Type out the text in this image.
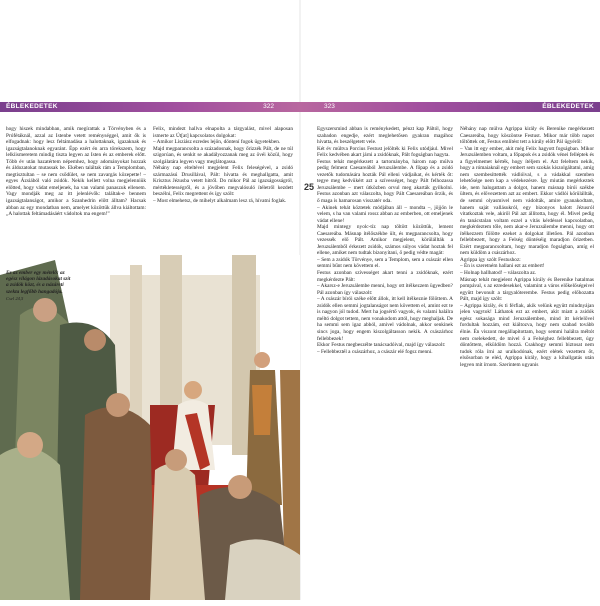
ÉBLEKEDETEK	322	323	ÉBLEKEDETEK
25

hogy hiszek mindabban, amik megírattak a Törvényben és a Prófétáknál, azzal az Istenbe vetett reménységgel, amit ők is elfogadnak: hogy lesz feltámadása a halottaknak, igazaknak és igazságtalanoknak egyaránt. Épp ezért én arra törekszem, hogy lelkiismeretem mindig tiszta legyen az Isten és az emberek előtt. Több év után hazatértem népemhez, hogy adományokat hozzak és áldozatokat mutassak be. Ekében találtak rám a Templomban, megtisztultan – se nem csődület, se nem zavargás közepette! – egyes Ázsiából való zsidók. Nekik kellett volna megjelenniük előtted, hogy vádat emeljenek, ha van valami panaszuk ellenem. Vagy mondják meg az itt jelenlévők: találtak-e bennem igazságtalanságot, amikor a Szanhedrin előtt álltam? Hacsak abban az egy mondatban nem, amelyet közöttük állva kiáltottam: „A halottak feltámadásáért vádoltok ma engem!”

Felix, mindezt hallva elnapolta a tárgyalást, mivel alaposan ismerte az Út[at] kapcsolatos dolgokat:

– Amikor Lisziász ezredes lejön, döntení fogok ügyetekben.

Majd megparancsolta a századosnak, hogy őrizzék Pált, de ne túl szigorúan, és senkit se akadályozzanak meg az övéi közül, hogy szolgálatára legyen vagy meglátogassa.

Néhány nap elteltével megjelent Felix feleségével, a zsidó származású Drusillával, Pált: hívatta és meghallgatta, amit Krisztus Jézusba vetett hitről. Do mikor Pál az igazságosságról, mértékletességről, és a jövőben megvalósuló ítéletről kezdett beszélni, Felix megrettent és így szólt:

– Most elmehetsz, de mihelyt alkalmam lesz rá, hívatni foglak.

Egyszersmind abban is reménykedett, pénzt kap Páltól, hogy szabadon engedje, ezért meglehetősen gyakran magához hívatta, és beszélgetett vele.

Két év múltva Porcius Festust jelölték ki Felix utódjául. Mivel Felix kedvében akart járni a zsidóknak, Pált fogságban hagyta.

Festus tehát megérkezett a tartományba, három nap múlva pedig felment Caesareából Jeruzsálembe. A főpap és a zsidó vezetők tudomására hozták Pál elleni vádjaikat, és kérték őt: tegye meg kedvükért azt a szívességet, hogy Pált felhozassa Jeruzsálembe – mert útközben orvul meg akarták gyilkolni. Festus azonban azt válaszolta, hogy Pált Caesareában őrzik, és ő maga is hamarosan visszatér oda.

– Akinek tehát köztetek módjában áll – mondta –, jöjjön le velem, s ha van valami rossz abban az emberben, ott emeljenek vádat ellene!

Majd mintegy nyolc-tíz nap töltött közöttük, lement Caesareába. Másnap ítélőszékbe ült, és megparancsolta, hogy vezessék elő Pált. Amikor megjelent, körülállták a Jeruzsálemből érkezett zsidók, számos súlyos vádat hoztak fel ellene, amiket nem tudtak bizonyítani, ő pedig védte magát:

– Sem a zsidók Törvénye, sem a Templom, sem a császár ellen semmi bűnt nem követtem el.

Festus azonban szívességet akart tenni a zsidóknak, ezért megkérdezte Pált:

– Akarsz-e Jeruzsálembe menni, hogy ott ítélkezzem ügyedben?

Pál azonban így válaszolt:

– A császár bírói széke előtt állok, itt kell ítélkeznie fölöttem. A zsidók ellen semmi jogtalanságot nem követtem el, amint ezt te is nagyon jól tudod. Mert ha jogsértő vagyok, és valami halálra méltó dolgot tettem, nem vonakodom attól, hogy meghaljak. De ha semmi sem igaz abból, amivel vádolnak, akkor senkinek sincs joga, hogy engem kiszolgáltasson nekik. A császárhoz fellebbezek!

Ekkor Festus megbeszélte tanácsadóival, majd így válaszolt:

– Fellebbeztél a császárhoz, a császár elé fogsz menni.

Néhány nap múlva Agrippa király és Berenike megérkezett Caesareába, hogy köszöntse Festust. Mikor már több napot töltöttek ott, Festus említést tett a király előtt Pál ügyéről:

– Van itt egy ember, akit még Felix hagyott fogságban. Mikor Jeruzsálemben voltam, a főpapok és a zsidók vénei felléptek és a figyelmemet kérték, hogy ítéljem el. Azt feleltem nekik, hogy a rómaiaknál egy embert sem szokás kiszolgáltatni, amíg nem szembesíttették vádlóival, s a vádakkal szemben lehetősége nem kap a védekezésre. Így miután megérkeztek ide, nem halogattam a dolgot, hanem másnap bírói székbe ültem, és elővezettem azt az embert. Ekkor vádlói körülállták, de semmi olyasmivel nem vádolták, amire gyanakodtam, hanem saját vallásukról, egy bizonyos halott Jézusról vitatkoztak vele, akiről Pál azt állította, hogy él. Mivel pedig én tanácstalan voltam ezzel a vitás kérdéssel kapcsolatban, megkérdeztem tőle, nem akar-e Jeruzsálembe menni, hogy ott ítélkezzem fölötte ezeket a dolgokat illetően. Pál azonban fellebbezett, hogy a Felség döntéséig maradjon őrizetben. Ezért megparancsoltam, hogy maradjon fogságban, amíg el nem küldöm a császárhoz.

Agrippa így szólt Festushoz:

– Én is szeretném hallani ezt az embert!

– Holnap hallhatod! – válaszolta az.

Másnap tehát megjelent Agrippa király és Berenike hatalmas pompával, s az ezredesekkel, valamint a város előkelőségeivel együtt bevonult a tárgyalóterembe. Festus pedig előhozatta Pált, majd így szólt:

– Agrippa király, és ti férfiak, akik velünk együtt mindnyájan jelen vagytok! Láthatok ezt az embert, akit miatt a zsidók egész sokasága mind Jeruzsálemben, mind itt kérlelővel fordultak hozzám, ezt kiáltozva, hogy nem szabad tovább élnie. Én viszont megállapítottam, hogy semmi halálra méltót nem cselekedett, de mivel ő a Felséghez fellebbezett, úgy döntöttem, elküldöm hozzá. Csakhogy semmi biztosat nem tudok róla írni az uralkodónak, ezért elétek vezettem őt, elsősorban te eléd, Agrippa király, hogy a kihallgatás után legyen mit írnom. Szerintem ugyanis

Ez az ember egy mételő: az egész világon lázadásokat szít a zsidók közt, és a názáreti szekta legfőbb hangadója.
Csel 24,5
